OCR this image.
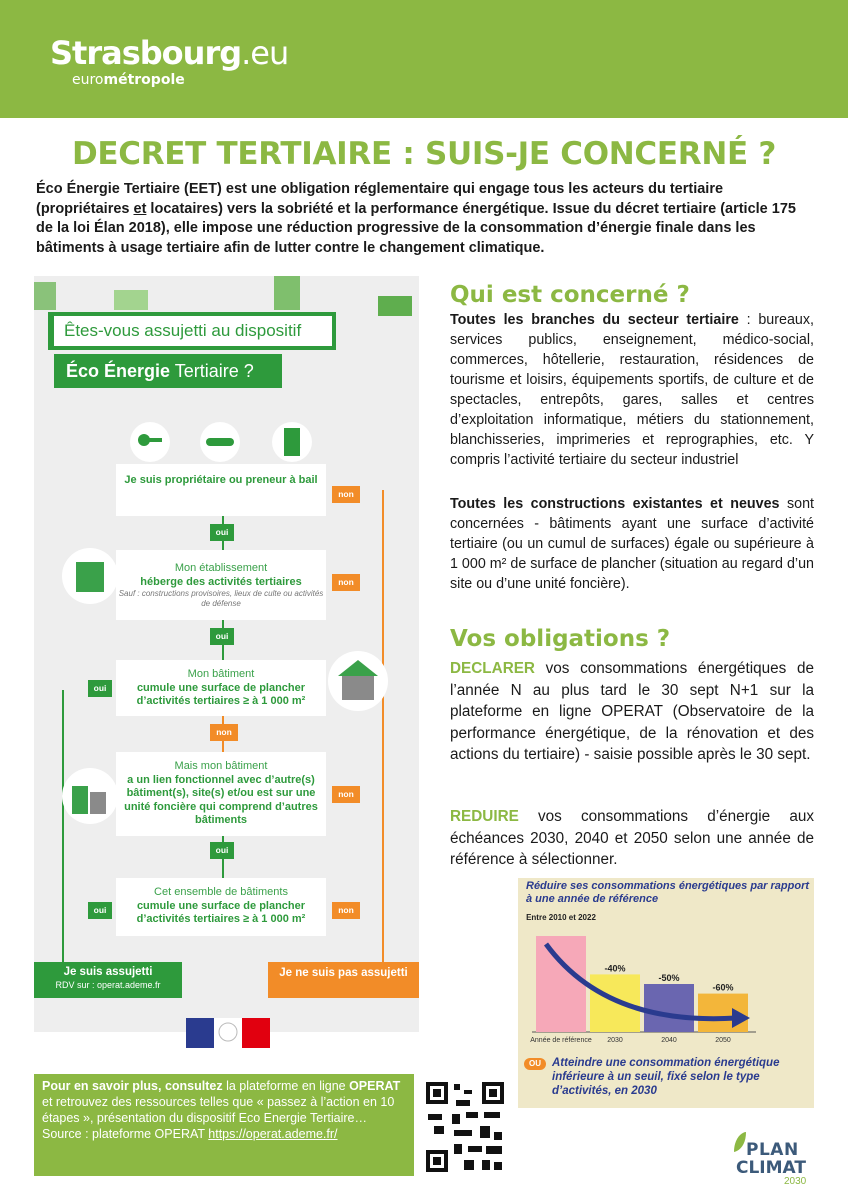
Strasbourg.eu
eurométropole
DECRET TERTIAIRE : SUIS-JE CONCERNÉ ?
Éco Énergie Tertiaire (EET) est une obligation réglementaire qui engage tous les acteurs du tertiaire (propriétaires et locataires) vers la sobriété et la performance énergétique. Issue du décret tertiaire (article 175 de la loi Élan 2018), elle impose une réduction progressive de la consommation d’énergie finale dans les bâtiments à usage tertiaire afin de lutter contre le changement climatique.
Êtes-vous assujetti au dispositif
Éco Énergie Tertiaire ?
Je suis propriétaire ou preneur à bail
non
oui
Mon établissement
héberge des activités tertiaires
Sauf : constructions provisoires, lieux de culte ou activités de défense
non
oui
Mon bâtiment
cumule une surface de plancher d’activités tertiaires ≥ à 1 000 m²
oui
non
Mais mon bâtiment
a un lien fonctionnel avec d’autre(s) bâtiment(s), site(s) et/ou est sur une unité foncière qui comprend d’autres bâtiments
non
oui
Cet ensemble de bâtiments
cumule une surface de plancher d’activités tertiaires ≥ à 1 000 m²
oui	non
Je suis assujetti
RDV sur : operat.ademe.fr
Je ne suis pas assujetti
Qui est concerné ?
Toutes les branches du secteur tertiaire : bureaux, services publics, enseignement, médico-social, commerces, hôtellerie, restauration, résidences de tourisme et loisirs, équipements sportifs, de culture et de spectacles, entrepôts, gares, salles et centres d’exploitation informatique, métiers du stationnement, blanchisseries, imprimeries et reprographies, etc. Y compris l’activité tertiaire du secteur industriel
Toutes les constructions existantes et neuves sont concernées - bâtiments ayant une surface d’activité tertiaire (ou un cumul de surfaces) égale ou supérieure à 1 000 m² de surface de plancher (situation au regard d’un site ou d’une unité foncière).
Vos obligations ?
DECLARER vos consommations énergétiques de l’année N au plus tard le 30 sept N+1 sur la plateforme en ligne OPERAT (Observatoire de la performance énergétique, de la rénovation et des actions du tertiaire) - saisie possible après le 30 sept.
REDUIRE vos consommations d’énergie aux échéances 2030, 2040 et 2050 selon une année de référence à sélectionner.
Réduire ses consommations énergétiques par rapport à une année de référence
Année de référence 2030
-40%
2040
-50%
2050
-60%
Entre 2010 et 2022
OU Atteindre une consommation énergétique inférieure à un seuil, fixé selon le type d’activités, en 2030
Pour en savoir plus, consultez la plateforme en ligne OPERAT et retrouvez des ressources telles que « passez à l’action en 10 étapes », présentation du dispositif Eco Energie Tertiaire…
Source : plateforme OPERAT https://operat.ademe.fr/
PLAN
CLIMAT
2030
